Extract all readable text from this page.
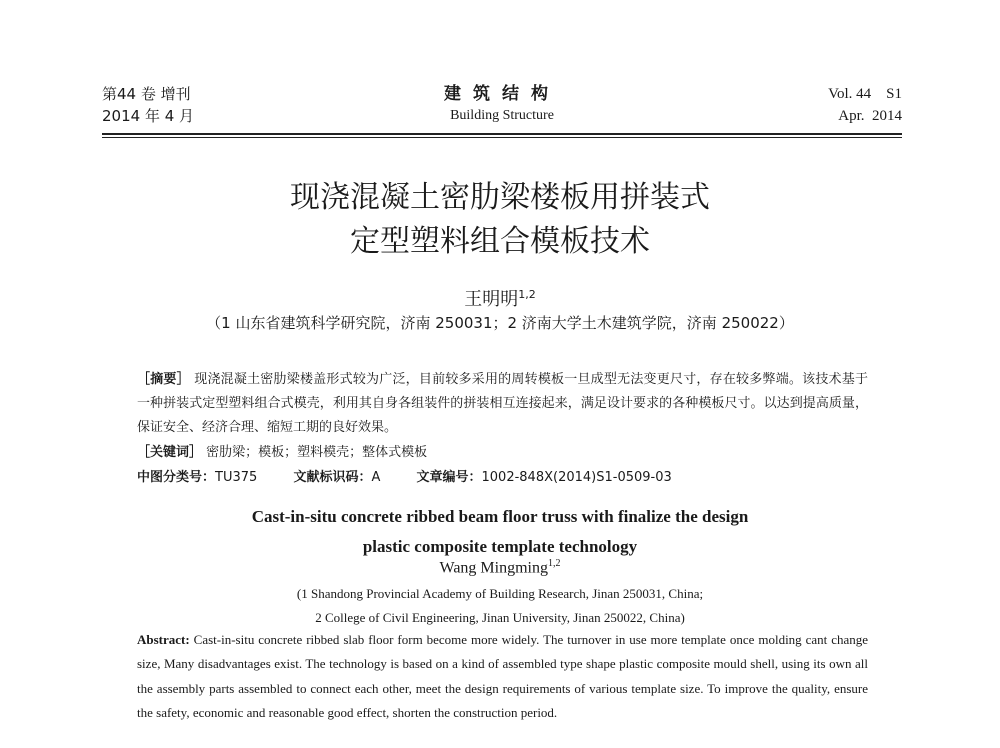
第44 卷 增刊
2014 年 4 月
建筑结构
Building Structure
Vol. 44    S1
Apr.  2014
现浇混凝土密肋梁楼板用拼装式
定型塑料组合模板技术
王明明$^{1,2}$
（1 山东省建筑科学研究院，济南 250031；2 济南大学土木建筑学院，济南 250022）
［摘要］ 现浇混凝土密肋梁楼盖形式较为广泛，目前较多采用的周转模板一旦成型无法变更尺寸，存在较多弊端。该技术基于一种拼装式定型塑料组合式模壳，利用其自身各组装件的拼装相互连接起来，满足设计要求的各种模板尺寸。以达到提高质量，保证安全、经济合理、缩短工期的良好效果。
［关键词］ 密肋梁；模板；塑料模壳；整体式模板
中图分类号：TU375	文献标识码：A	文章编号：1002-848X(2014)S1-0509-03
Cast-in-situ concrete ribbed beam floor truss with finalize the design
plastic composite template technology
Wang Mingming$^{1,2}$
(1 Shandong Provincial Academy of Building Research, Jinan 250031, China;
2 College of Civil Engineering, Jinan University, Jinan 250022, China)
Abstract: Cast-in-situ concrete ribbed slab floor form become more widely. The turnover in use more template once molding cant change size, Many disadvantages exist. The technology is based on a kind of assembled type shape plastic composite mould shell, using its own all the assembly parts assembled to connect each other, meet the design requirements of various template size. To improve the quality, ensure the safety, economic and reasonable good effect, shorten the construction period.
